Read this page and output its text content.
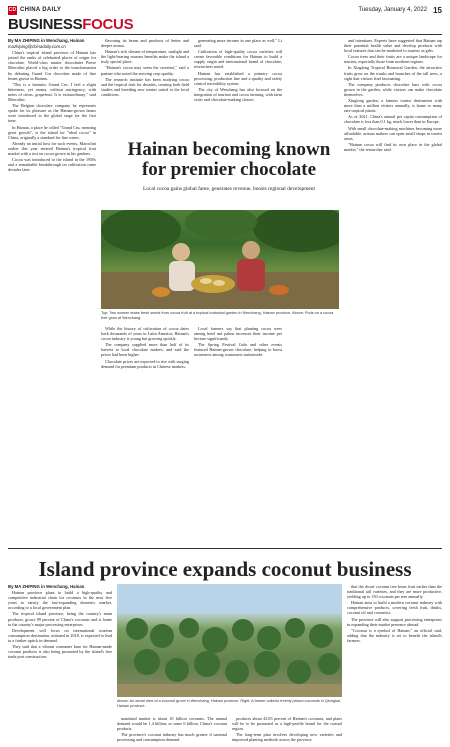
CD CHINA DAILY	Tuesday, January 4, 2022 15
BUSINESSFOCUS

By MA ZHIPING in Wenchang, Hainan

mazhiping@chinadaily.com.cn

China's tropical island province of Hainan has joined the ranks of celebrated places of origin for chocolate. World-class master chocolatier Pierre Marcolini placed a big order to the transformation by debuting Grand Cru chocolate made of fine beans grown in Hainan.

"This is a fantastic Grand Cru. I feel a slight bitterness, yet aroma, without astringency, with notes of citrus, grapefruit. It is extraordinary," said Marcolini.

The Belgian chocolate company he represents spoke for its pleasure as the Hainan-grown beans were introduced to the global stage for the first time.

In Hainan, a place he called "Grand Cru, meaning great growth", is the island for "ideal cocoa" in China, originally a standard for fine wines.

Already an initial host for such events, Marcolini earlier this year entered Hainan's tropical fruit market with a test on cocoa grown in his gardens.

Cocoa was introduced to the island in the 1950s and a remarkable breakthrough on cultivation came decades later.

flavoring its beans and products of better and deeper aroma.

Hainan's rich climate of temperature, sunlight and the light-bearing seasons benefits make the island a truly special place.

"Hainan's cocoa may seem the sweetest," said a partner who noted the arriving crop quality.

The research institute has been studying cocoa and the tropical fruit for decades, creating both field studies and breeding new strains suited to the local conditions.

generating more income in one place as well," Li said.

Cultivation of high-quality cocoa varieties will create favorable conditions for Hainan to build a supply origin and international brand of chocolate, researchers noted.

Hainan has established a primary cocoa processing, production line and a quality and safety control traceability system.

The city of Wenchang has also focused on the integration of tourism and cocoa farming, with farm visits and chocolate-making classes.

While the history of cultivation of cocoa dates back thousands of years in Latin America, Hainan's cocoa industry is young but growing quickly.

The company supplied more than half of its harvest to local chocolate makers, and said the prices had been higher.

Chocolate prices are expected to rise with surging demand for premium products in Chinese markets.

Local farmers say that planting cocoa trees among betel nut palms increases their income per hectare significantly.

The Spring Festival Gala and other events featured Hainan-grown chocolate, helping to boost awareness among consumers nationwide.

and intentions. Experts have suggested that Hainan tap their potential health value and develop products with local features that can be marketed to tourists as gifts.

Cocoa trees and their fruits are a unique landscape for tourists, especially those from northern regions.

In Xinglong Tropical Botanical Garden, the attractive fruits grow on the trunks and branches of the tall trees, a sight that visitors find fascinating.

The company produces chocolate bars with cocoa grown in the garden, while visitors can make chocolate themselves.

Xinglong garden, a famous tourist destination with more than a million visitors annually, is home to many rare tropical plants.

As of 2021, China's annual per capita consumption of chocolate is less than 0.1 kg, much lower than in Europe.

With small chocolate-making machines becoming more affordable, artisan makers can open small shops in tourist areas.

"Hainan cocoa will find its own place in the global market," the researcher said.

Hainan becoming known for premier chocolate
Local cocoa gains global fame, generates revenue, boosts regional development
Top: Two women tease fresh seeds from cocoa fruit at a tropical botanical garden in Wenchang, Hainan province. Above: Pods on a cocoa tree grow at Wenchang.
Island province expands coconut business

By MA ZHIPING in Wenchang, Hainan

Hainan province plans to build a high-quality and competitive industrial chain for coconuts in the next five years to satisfy the fast-expanding domestic market, according to a local government plan.

The tropical island province, being the country's main producer, grows 99 percent of China's coconuts and is home to the country's major processing enterprises.

Development will focus on international tourism consumption destination, initiated in 2018, is expected to lead to a further uptick in demand.

They said that a vibrant consumer base for Hainan-made coconut products is also being promoted by the island's free trade port construction.

Above: An aerial view of a coconut grove in Wenchang, Hainan province. Right: A farmer collects freshly picked coconuts in Qionghai, Hainan province.

mainland market is about 10 billion coconuts. The annual demand would be 1.4 billion, or some 6 billion, China's coconut products.

The province's coconut industry has much greater if national processing and consumption demand.

produces about 43.83 percent of Hainan's coconuts, and plans will be to be promoted as a high-profile brand for the coastal region.

The long-term plan involves developing new varieties and improved planting methods across the province.

that the dwarf coconut tree bears fruit earlier than the traditional tall varieties, and they are more productive, yielding up to 150 coconuts per tree annually.

Hainan aims to build a modern coconut industry with comprehensive products, covering fresh fruit, drinks, coconut oil and cosmetics.

The province will also support processing enterprises in expanding their market presence abroad.

"Coconut is a symbol of Hainan," an official said, adding that the industry is set to benefit the island's farmers.
